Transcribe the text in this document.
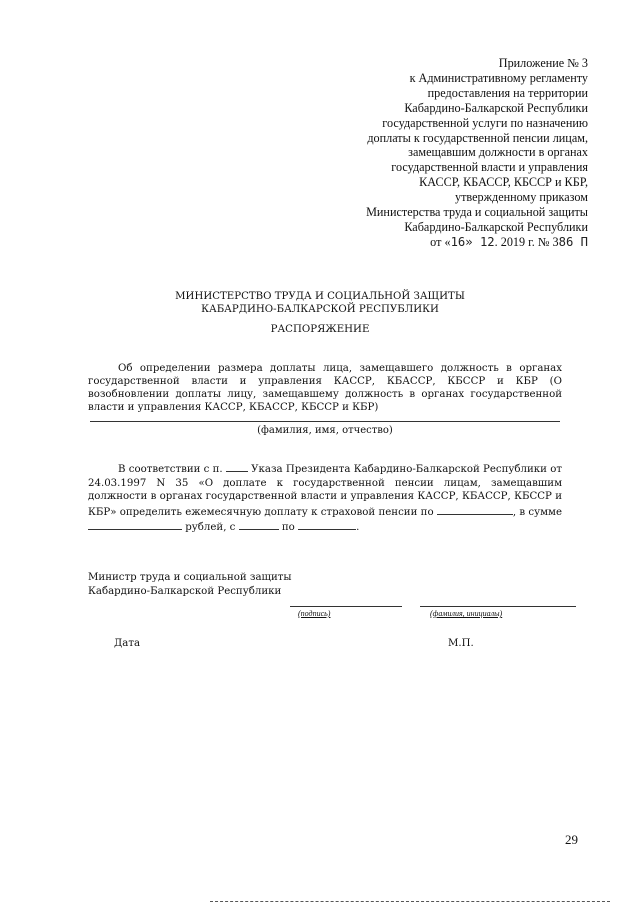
Приложение № 3
к Административному регламенту
предоставления на территории
Кабардино-Балкарской Республики
государственной услуги по назначению
доплаты к государственной пенсии лицам,
замещавшим должности в органах
государственной власти и управления
КАССР, КБАССР, КБССР и КБР,
утвержденному приказом
Министерства труда и социальной защиты
Кабардино-Балкарской Республики
от «16» 12. 2019 г. № 386 П
МИНИСТЕРСТВО ТРУДА И СОЦИАЛЬНОЙ ЗАЩИТЫ
КАБАРДИНО-БАЛКАРСКОЙ РЕСПУБЛИКИ
РАСПОРЯЖЕНИЕ

Об определении размера доплаты лица, замещавшего должность в органах государственной власти и управления КАССР, КБАССР, КБССР и КБР (О возобновлении доплаты лицу, замещавшему должность в органах государственной власти и управления КАССР, КБАССР, КБССР и КБР)

(фамилия, имя, отчество)

В соответствии с п.	Указа Президента Кабардино-Балкарской Республики от 24.03.1997 N 35 «О доплате к государственной пенсии лицам, замещавшим должности в органах государственной власти и управления КАССР, КБАССР, КБССР и КБР» определить ежемесячную доплату к страховой пенсии по	, в сумме  рублей, с	по	.

Министр труда и социальной защиты
Кабардино-Балкарской Республики
(подпись)	(фамилия, инициалы)
Дата	М.П.
29
